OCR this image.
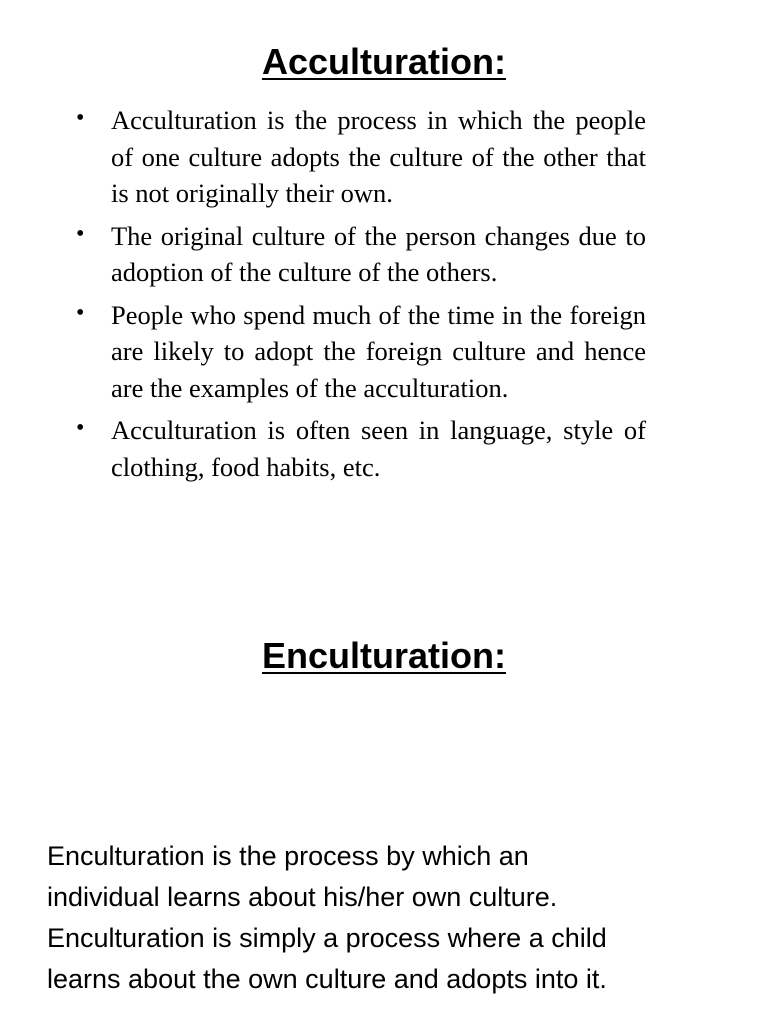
Acculturation:
• Acculturation is the process in which the people of one culture adopts the culture of the other that is not originally their own.
• The original culture of the person changes due to adoption of the culture of the others.
• People who spend much of the time in the foreign are likely to adopt the foreign culture and hence are the examples of the acculturation.
• Acculturation is often seen in language, style of clothing, food habits, etc.
Enculturation:

Enculturation is the process by which an
individual learns about his/her own culture.
Enculturation is simply a process where a child
learns about the own culture and adopts into it.
